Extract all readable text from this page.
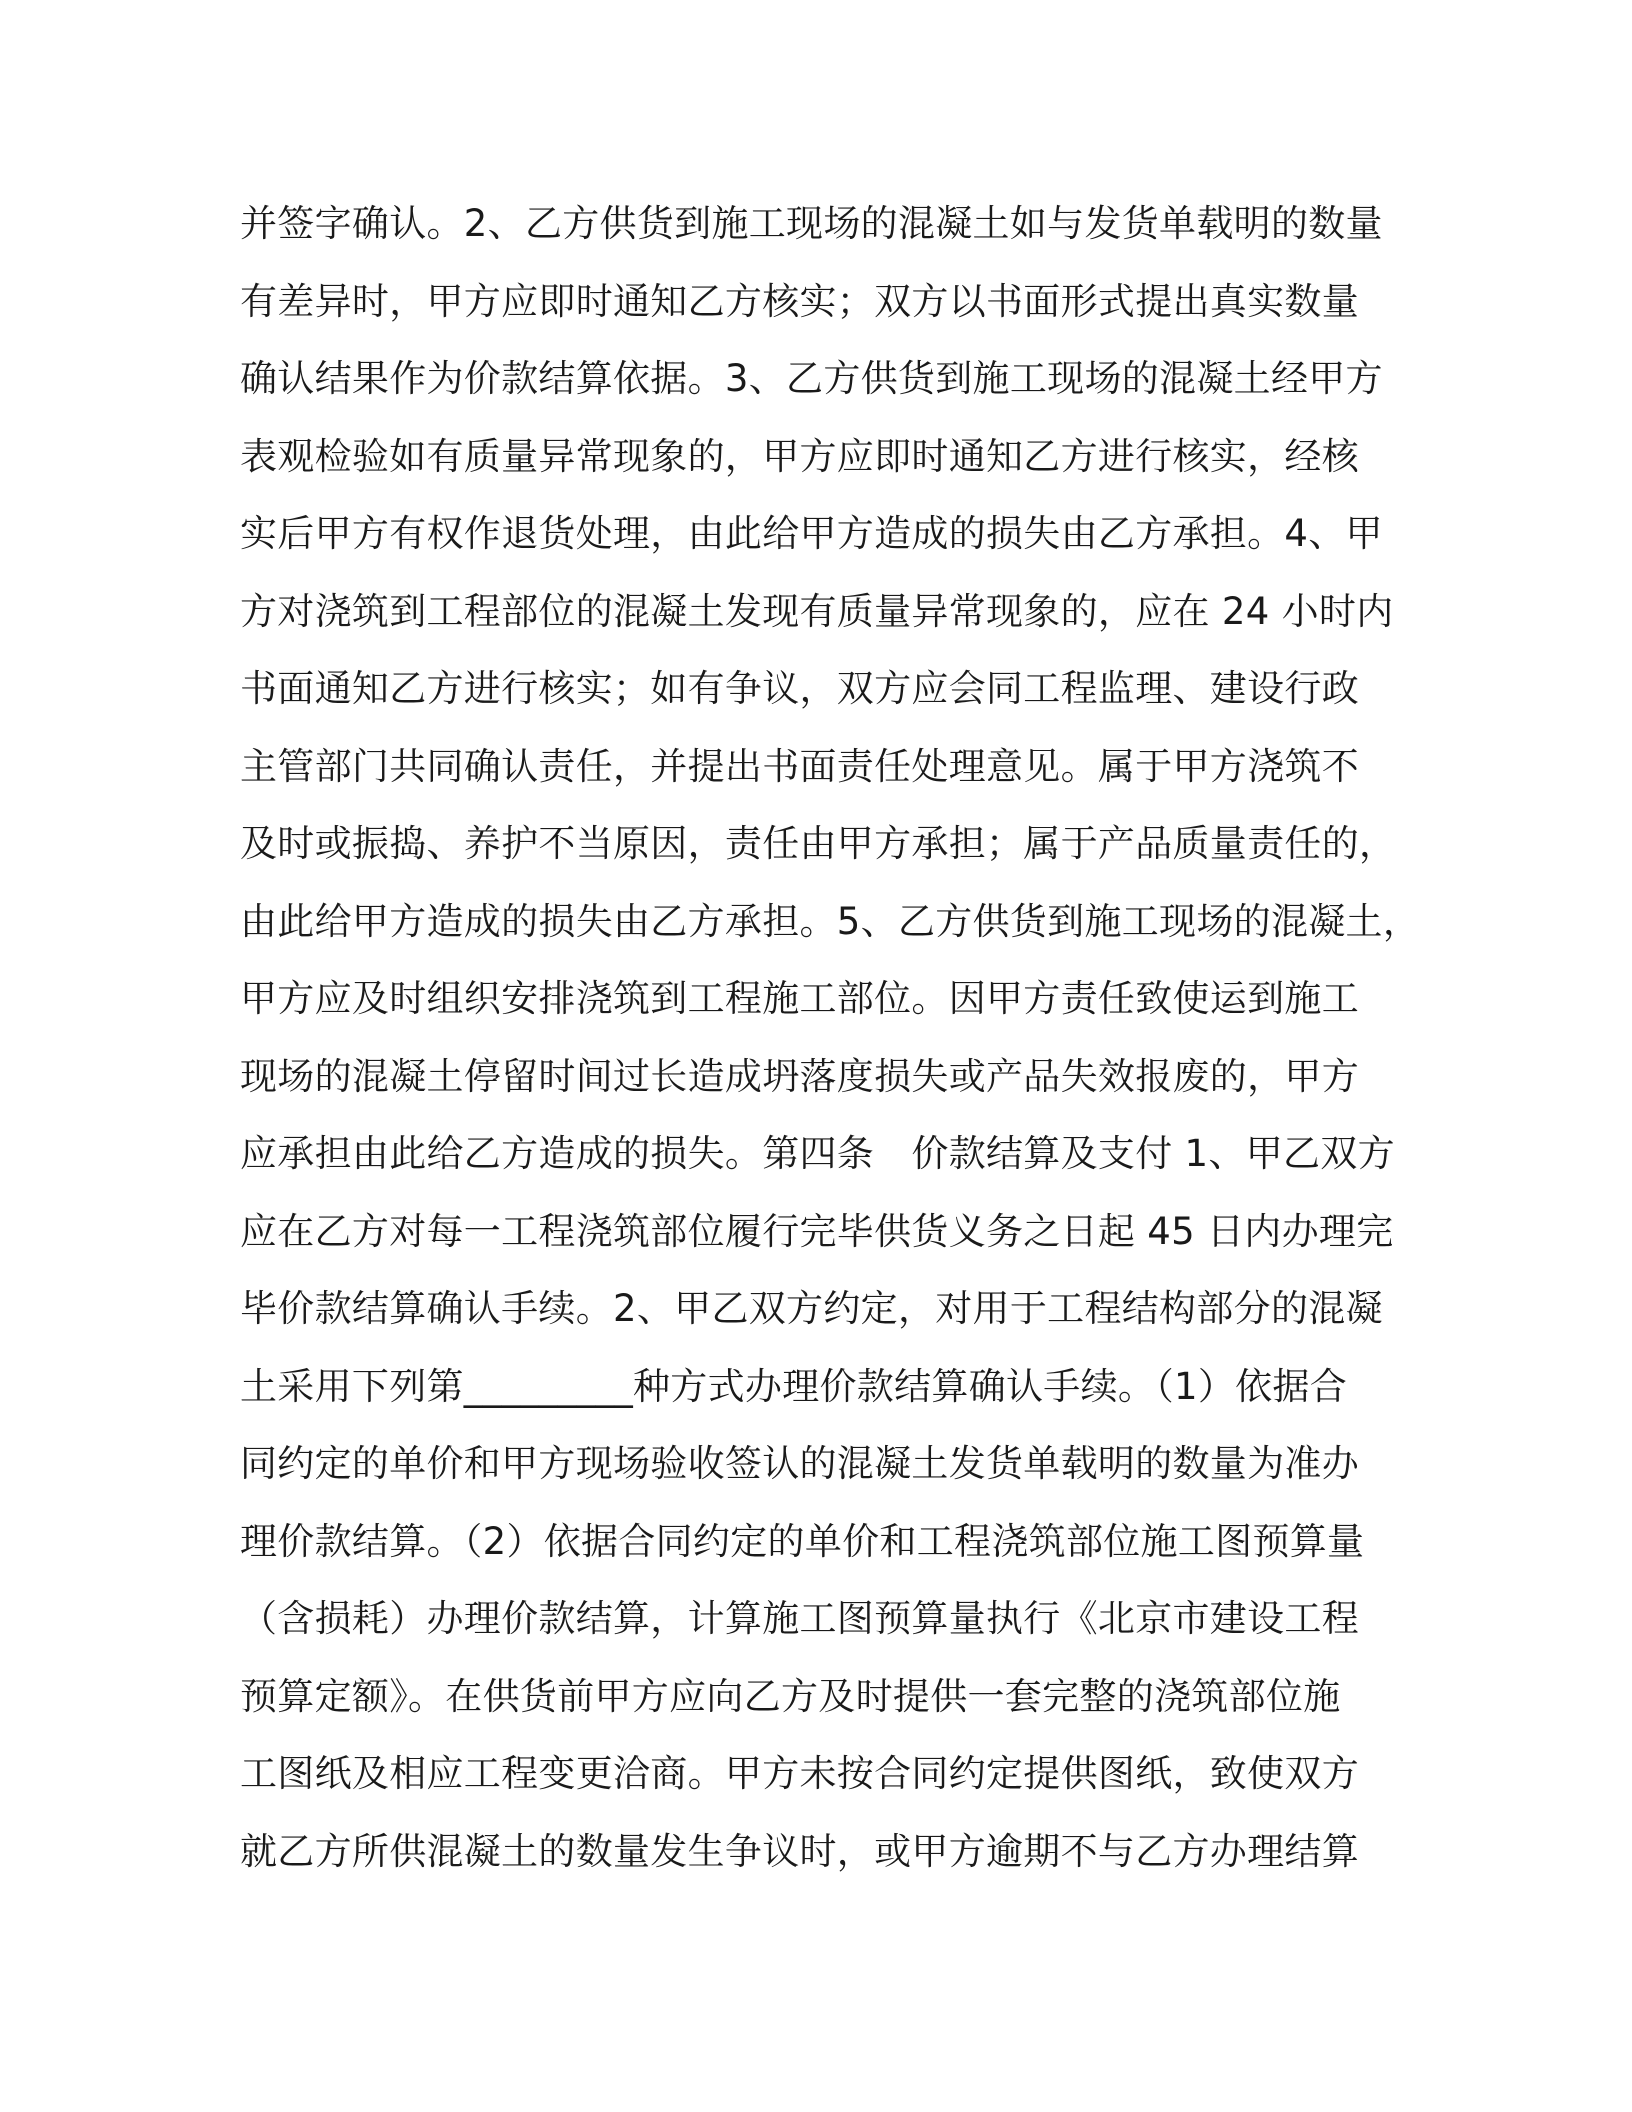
并签字确认。2、乙方供货到施工现场的混凝土如与发货单载明的数量
有差异时，甲方应即时通知乙方核实；双方以书面形式提出真实数量
确认结果作为价款结算依据。3、乙方供货到施工现场的混凝土经甲方
表观检验如有质量异常现象的，甲方应即时通知乙方进行核实，经核
实后甲方有权作退货处理，由此给甲方造成的损失由乙方承担。4、甲
方对浇筑到工程部位的混凝土发现有质量异常现象的，应在 24 小时内
书面通知乙方进行核实；如有争议，双方应会同工程监理、建设行政
主管部门共同确认责任，并提出书面责任处理意见。属于甲方浇筑不
及时或振捣、养护不当原因，责任由甲方承担；属于产品质量责任的，
由此给甲方造成的损失由乙方承担。5、乙方供货到施工现场的混凝土，
甲方应及时组织安排浇筑到工程施工部位。因甲方责任致使运到施工
现场的混凝土停留时间过长造成坍落度损失或产品失效报废的，甲方
应承担由此给乙方造成的损失。第四条　价款结算及支付 1、甲乙双方
应在乙方对每一工程浇筑部位履行完毕供货义务之日起 45 日内办理完
毕价款结算确认手续。2、甲乙双方约定，对用于工程结构部分的混凝
土采用下列第_________种方式办理价款结算确认手续。（1）依据合
同约定的单价和甲方现场验收签认的混凝土发货单载明的数量为准办
理价款结算。（2）依据合同约定的单价和工程浇筑部位施工图预算量
（含损耗）办理价款结算，计算施工图预算量执行《北京市建设工程
预算定额》。在供货前甲方应向乙方及时提供一套完整的浇筑部位施
工图纸及相应工程变更洽商。甲方未按合同约定提供图纸，致使双方
就乙方所供混凝土的数量发生争议时，或甲方逾期不与乙方办理结算
